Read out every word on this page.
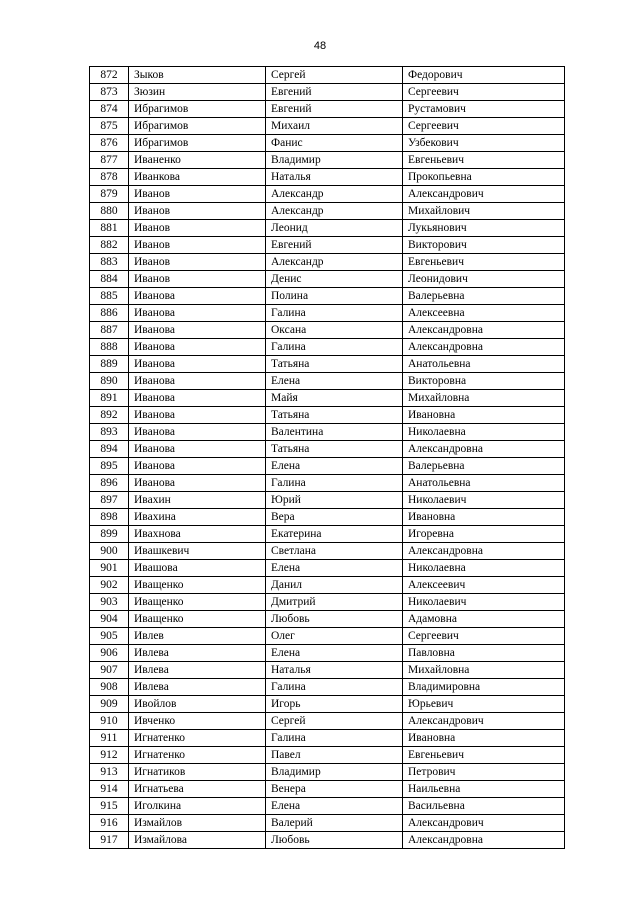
48
872	Зыков	Сергей	Федорович
873	Зюзин	Евгений	Сергеевич
874	Ибрагимов	Евгений	Рустамович
875	Ибрагимов	Михаил	Сергеевич
876	Ибрагимов	Фанис	Узбекович
877	Иваненко	Владимир	Евгеньевич
878	Иванкова	Наталья	Прокопьевна
879	Иванов	Александр	Александрович
880	Иванов	Александр	Михайлович
881	Иванов	Леонид	Лукьянович
882	Иванов	Евгений	Викторович
883	Иванов	Александр	Евгеньевич
884	Иванов	Денис	Леонидович
885	Иванова	Полина	Валерьевна
886	Иванова	Галина	Алексеевна
887	Иванова	Оксана	Александровна
888	Иванова	Галина	Александровна
889	Иванова	Татьяна	Анатольевна
890	Иванова	Елена	Викторовна
891	Иванова	Майя	Михайловна
892	Иванова	Татьяна	Ивановна
893	Иванова	Валентина	Николаевна
894	Иванова	Татьяна	Александровна
895	Иванова	Елена	Валерьевна
896	Иванова	Галина	Анатольевна
897	Ивахин	Юрий	Николаевич
898	Ивахина	Вера	Ивановна
899	Ивахнова	Екатерина	Игоревна
900	Ивашкевич	Светлана	Александровна
901	Ивашова	Елена	Николаевна
902	Иващенко	Данил	Алексеевич
903	Иващенко	Дмитрий	Николаевич
904	Иващенко	Любовь	Адамовна
905	Ивлев	Олег	Сергеевич
906	Ивлева	Елена	Павловна
907	Ивлева	Наталья	Михайловна
908	Ивлева	Галина	Владимировна
909	Ивойлов	Игорь	Юрьевич
910	Ивченко	Сергей	Александрович
911	Игнатенко	Галина	Ивановна
912	Игнатенко	Павел	Евгеньевич
913	Игнатиков	Владимир	Петрович
914	Игнатьева	Венера	Наильевна
915	Иголкина	Елена	Васильевна
916	Измайлов	Валерий	Александрович
917	Измайлова	Любовь	Александровна
